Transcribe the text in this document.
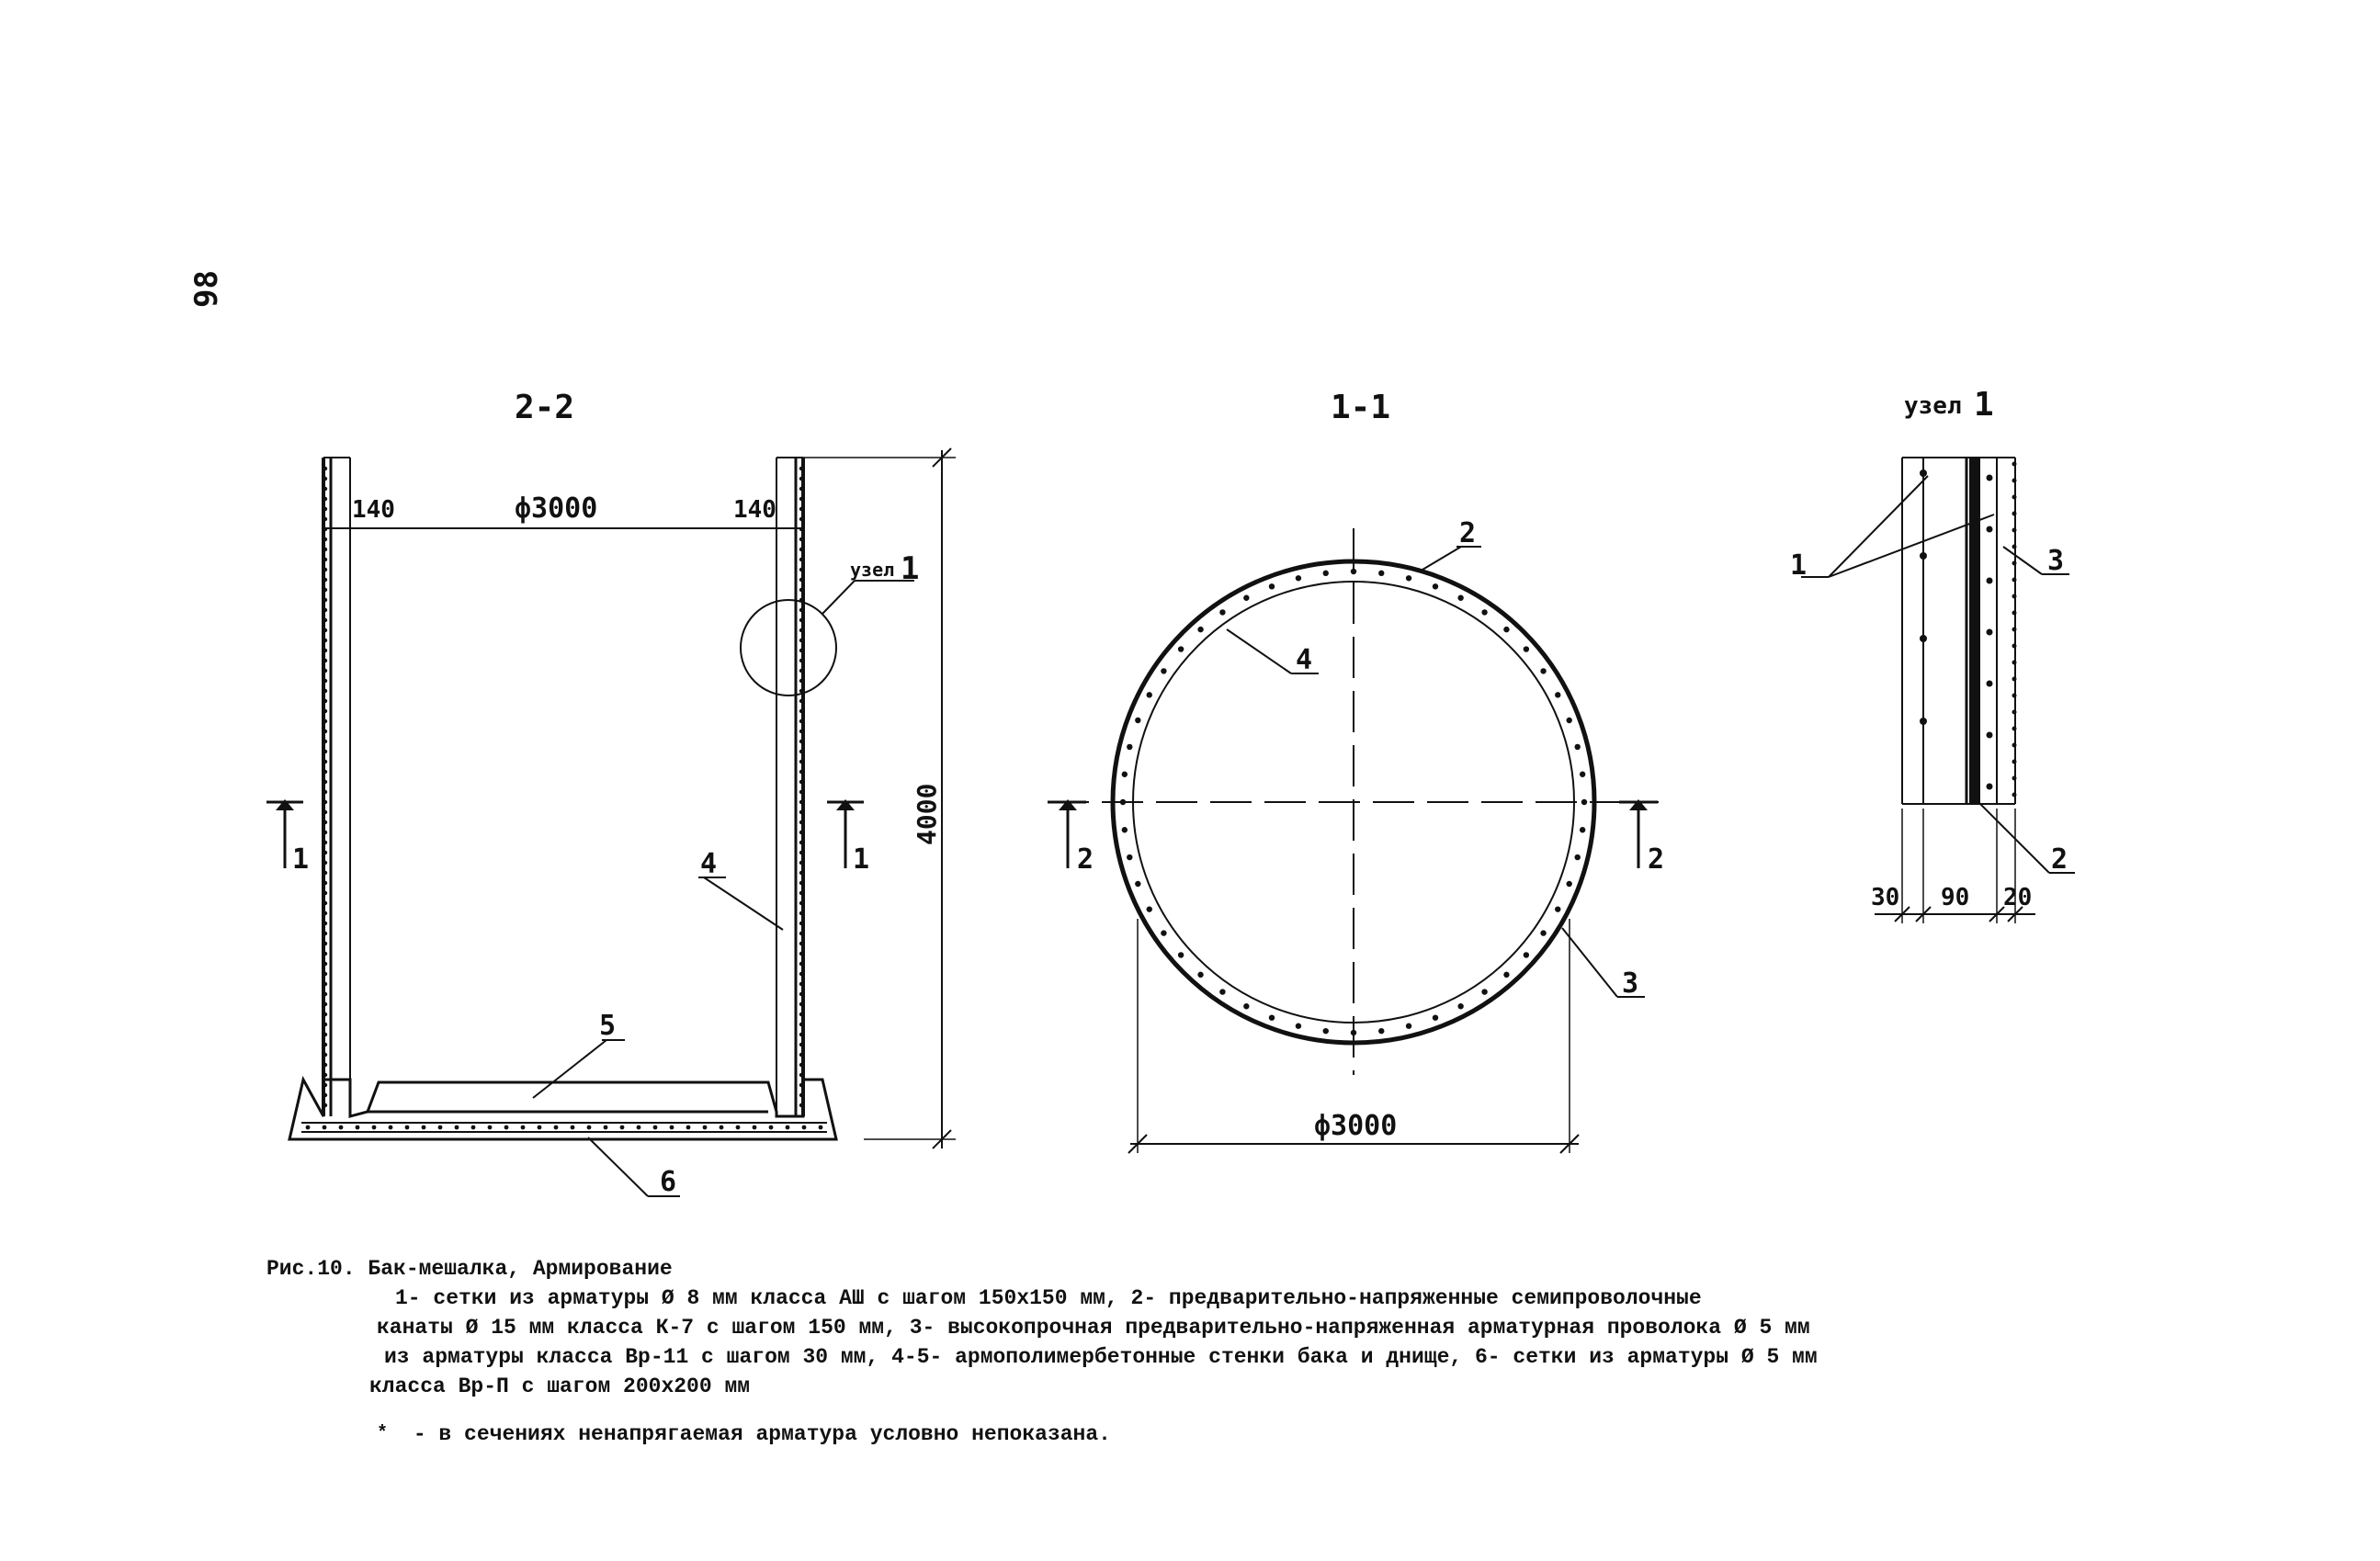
98
2-2
140	ф3000	140
4000
узел 1
4
5
6
1	1
1-1
2
4
3
ф3000
2	2
узел 1
1	3
2
30 90 20
Рис.10. Бак-мешалка, Армирование
1- сетки из арматуры Ø 8 мм класса АШ с шагом 150х150 мм, 2- предварительно-напряженные семипроволочные
канаты Ø 15 мм класса К-7 с шагом 150 мм, 3- высокопрочная предварительно-напряженная арматурная проволока Ø 5 мм
из арматуры класса Вр-11 с шагом 30 мм, 4-5- армополимербетонные стенки бака и днище, 6- сетки из арматуры Ø 5 мм
класса Вр-П с шагом 200х200 мм
* - в сечениях ненапрягаемая арматура условно непоказана.
